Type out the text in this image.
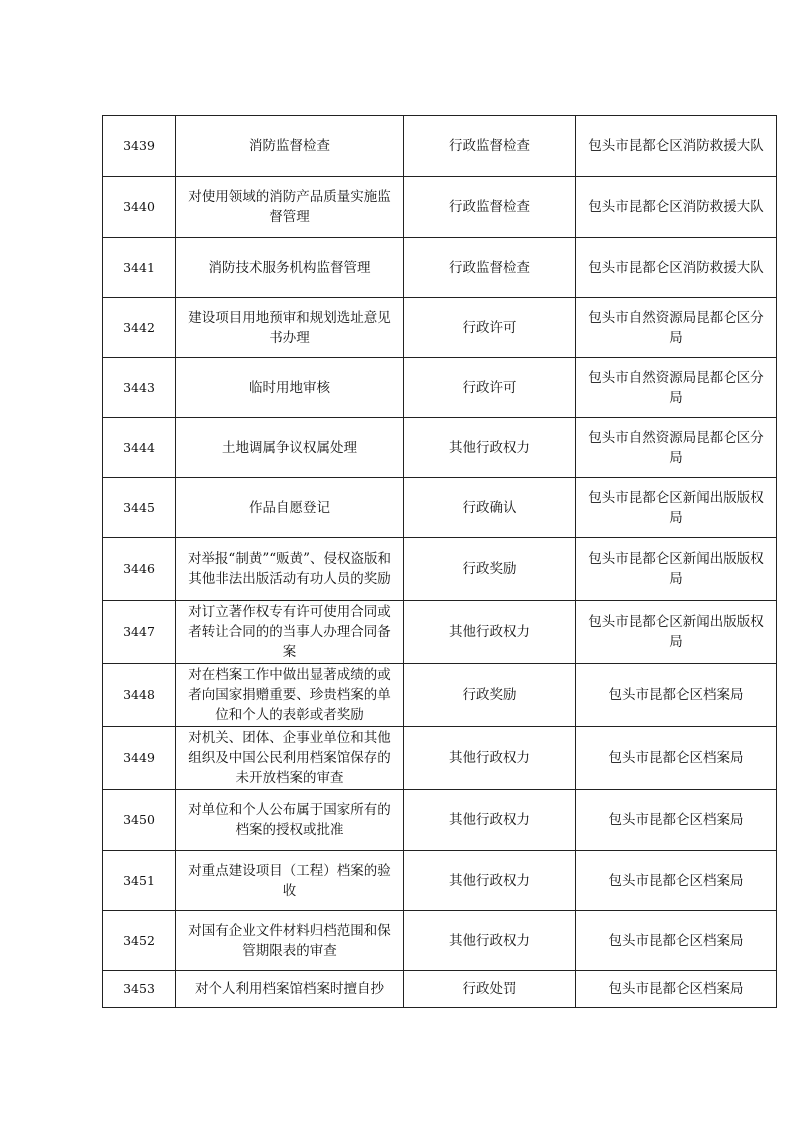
3439	消防监督检查	行政监督检查	包头市昆都仑区消防救援大队
3440	对使用领域的消防产品质量实施监督管理	行政监督检查	包头市昆都仑区消防救援大队
3441	消防技术服务机构监督管理	行政监督检查	包头市昆都仑区消防救援大队
3442	建设项目用地预审和规划选址意见书办理	行政许可	包头市自然资源局昆都仑区分局
3443	临时用地审核	行政许可	包头市自然资源局昆都仑区分局
3444	土地调属争议权属处理	其他行政权力	包头市自然资源局昆都仑区分局
3445	作品自愿登记	行政确认	包头市昆都仑区新闻出版版权局
3446	对举报“制黄”“贩黄”、侵权盗版和其他非法出版活动有功人员的奖励	行政奖励	包头市昆都仑区新闻出版版权局
3447	对订立著作权专有许可使用合同或者转让合同的的当事人办理合同备案	其他行政权力	包头市昆都仑区新闻出版版权局
3448	对在档案工作中做出显著成绩的或者向国家捐赠重要、珍贵档案的单位和个人的表彰或者奖励	行政奖励	包头市昆都仑区档案局
3449	对机关、团体、企事业单位和其他组织及中国公民利用档案馆保存的未开放档案的审查	其他行政权力	包头市昆都仑区档案局
3450	对单位和个人公布属于国家所有的档案的授权或批准	其他行政权力	包头市昆都仑区档案局
3451	对重点建设项目（工程）档案的验收	其他行政权力	包头市昆都仑区档案局
3452	对国有企业文件材料归档范围和保管期限表的审查	其他行政权力	包头市昆都仑区档案局
3453	对个人利用档案馆档案时擅自抄	行政处罚	包头市昆都仑区档案局
